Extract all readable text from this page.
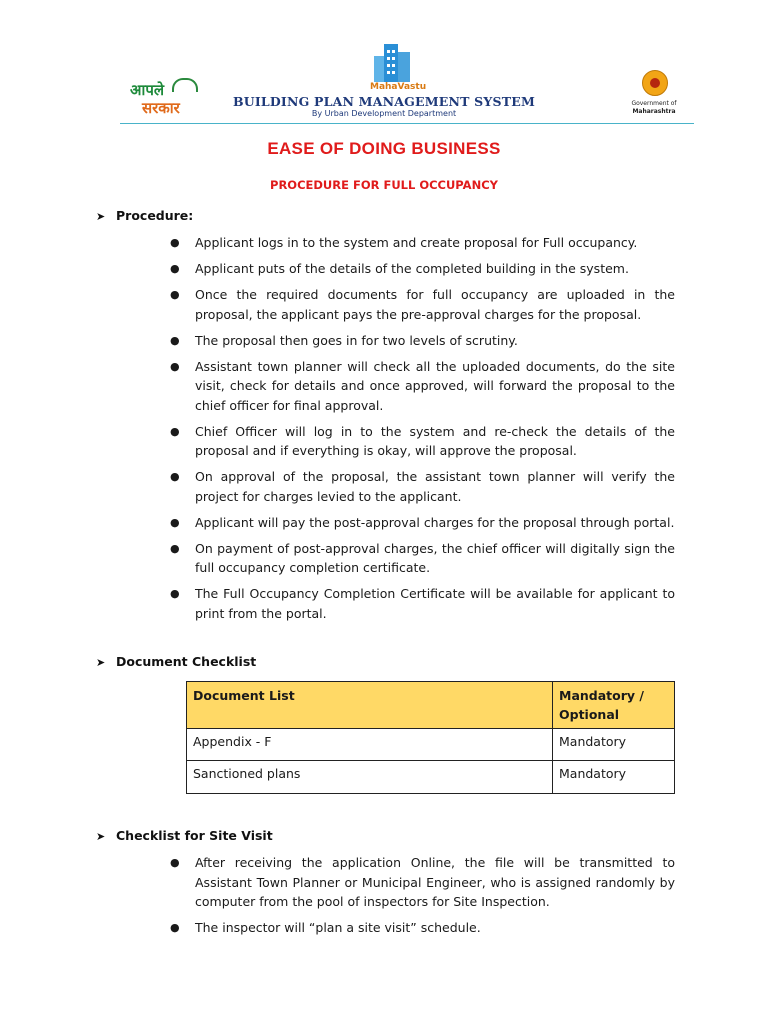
आपले
सरकार
MahaVastu
BUILDING PLAN MANAGEMENT SYSTEM
By Urban Development Department
Government of
Maharashtra
EASE OF DOING BUSINESS
PROCEDURE FOR FULL OCCUPANCY
➤ Procedure:
● Applicant logs in to the system and create proposal for Full occupancy.
● Applicant puts of the details of the completed building in the system.
● Once the required documents for full occupancy are uploaded in the proposal, the applicant pays the pre-approval charges for the proposal.
● The proposal then goes in for two levels of scrutiny.
● Assistant town planner will check all the uploaded documents, do the site visit, check for details and once approved, will forward the proposal to the chief officer for final approval.
● Chief Officer will log in to the system and re-check the details of the proposal and if everything is okay, will approve the proposal.
● On approval of the proposal, the assistant town planner will verify the project for charges levied to the applicant.
● Applicant will pay the post-approval charges for the proposal through portal.
● On payment of post-approval charges, the chief officer will digitally sign the full occupancy completion certificate.
● The Full Occupancy Completion Certificate will be available for applicant to print from the portal.
➤ Document Checklist
Document List	Mandatory / Optional
Appendix - F	Mandatory
Sanctioned plans	Mandatory
➤ Checklist for Site Visit
● After receiving the application Online, the file will be transmitted to Assistant Town Planner or Municipal Engineer, who is assigned randomly by computer from the pool of inspectors for Site Inspection.
● The inspector will “plan a site visit” schedule.
